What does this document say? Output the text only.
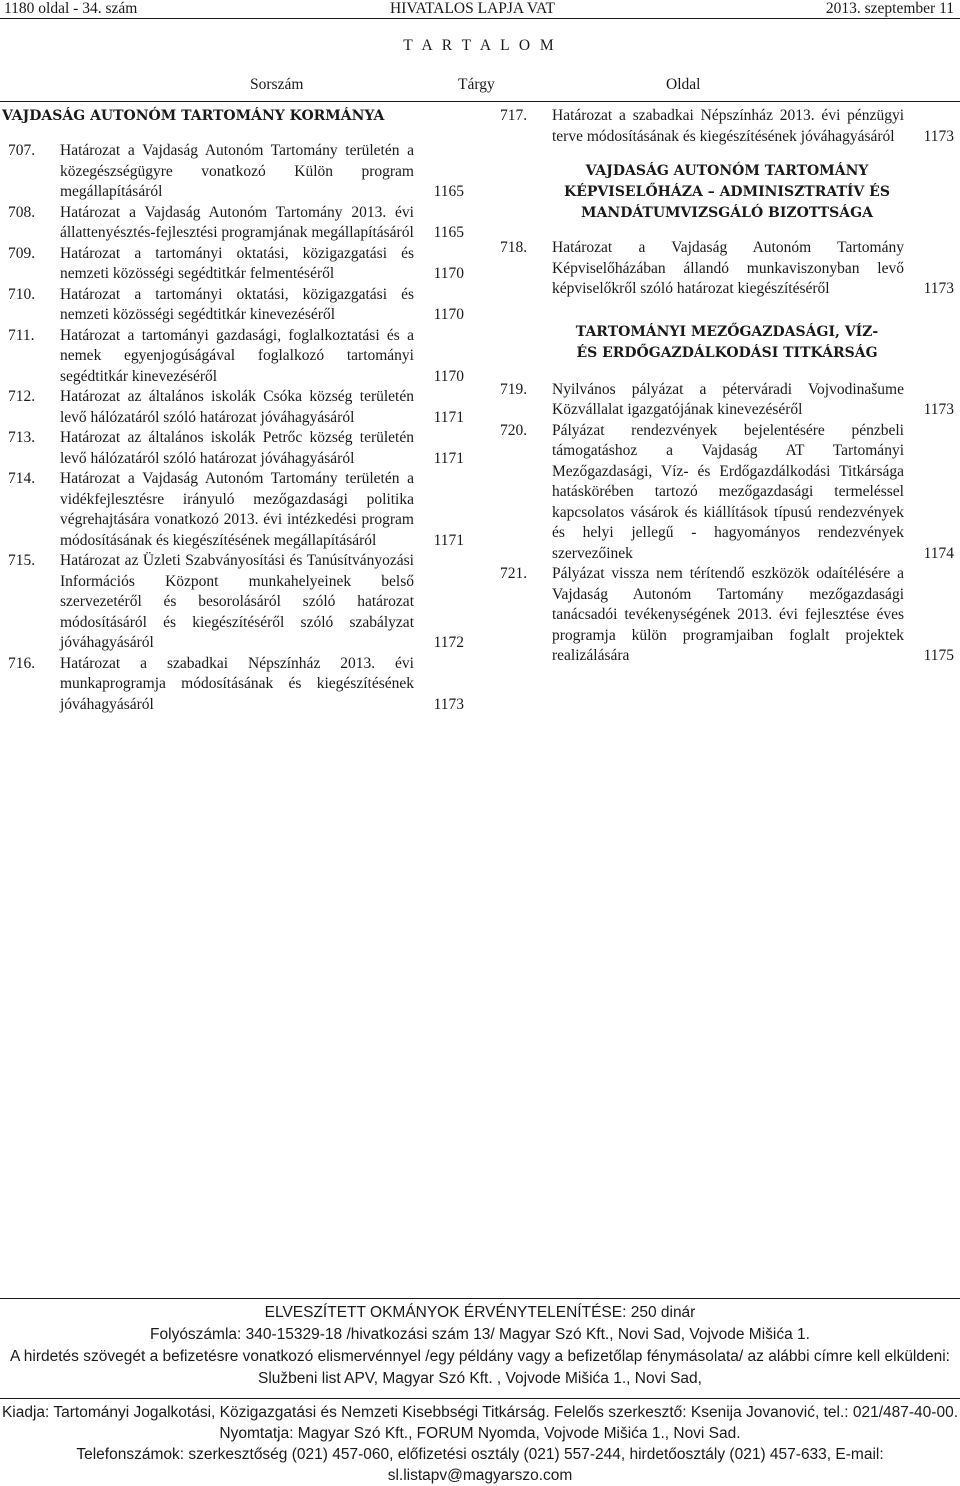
1180 oldal - 34. szám	HIVATALOS LAPJA VAT	2013. szeptember 11
T A R T A L O M
Sorszám	Tárgy	Oldal
VAJDASÁG AUTONÓM TARTOMÁNY KORMÁNYA
707.	Határozat a Vajdaság Autonóm Tartomány területén a közegészségügyre vonatkozó Külön program megállapításáról	1165
708.	Határozat a Vajdaság Autonóm Tartomány 2013. évi állattenyésztés-fejlesztési programjának megállapításáról	1165
709.	Határozat a tartományi oktatási, közigazgatási és nemzeti közösségi segédtitkár felmentéséről	1170
710.	Határozat a tartományi oktatási, közigazgatási és nemzeti közösségi segédtitkár kinevezéséről	1170
711.	Határozat a tartományi gazdasági, foglalkoztatási és a nemek egyenjogúságával foglalkozó tartományi segédtitkár kinevezéséről	1170
712.	Határozat az általános iskolák Csóka község területén levő hálózatáról szóló határozat jóváhagyásáról	1171
713.	Határozat az általános iskolák Petrőc község területén levő hálózatáról szóló határozat jóváhagyásáról	1171
714.	Határozat a Vajdaság Autonóm Tartomány területén a vidékfejlesztésre irányuló mezőgazdasági politika végrehajtására vonatkozó 2013. évi intézkedési program módosításának és kiegészítésének megállapításáról	1171
715.	Határozat az Üzleti Szabványosítási és Tanúsítványozási Információs Központ munkahelyeinek belső szervezetéről és besorolásáról szóló határozat módosításáról és kiegészítéséről szóló szabályzat jóváhagyásáról	1172
716.	Határozat a szabadkai Népszínház 2013. évi munkaprogramja módosításának és kiegészítésének jóváhagyásáról	1173
717.	Határozat a szabadkai Népszínház 2013. évi pénzügyi terve módosításának és kiegészítésének jóváhagyásáról	1173
VAJDASÁG AUTONÓM TARTOMÁNY KÉPVISELŐHÁZA – ADMINISZTRATÍV ÉS MANDÁTUMVIZSGÁLÓ BIZOTTSÁGA
718.	Határozat a Vajdaság Autonóm Tartomány Képviselőházában állandó munkaviszonyban levő képviselőkről szóló határozat kiegészítéséről	1173
TARTOMÁNYI MEZŐGAZDASÁGI, VÍZ- ÉS ERDŐGAZDÁLKODÁSI TITKÁRSÁG
719.	Nyilvános pályázat a péterváradi Vojvodinašume Közvállalat igazgatójának kinevezéséről	1173
720.	Pályázat rendezvények bejelentésére pénzbeli támogatáshoz a Vajdaság AT Tartományi Mezőgazdasági, Víz- és Erdőgazdálkodási Titkársága hatáskörében tartozó mezőgazdasági termeléssel kapcsolatos vásárok és kiállítások típusú rendezvények és helyi jellegű - hagyományos rendezvények szervezőinek	1174
721.	Pályázat vissza nem térítendő eszközök odaítélésére a Vajdaság Autonóm Tartomány mezőgazdasági tanácsadói tevékenységének 2013. évi fejlesztése éves programja külön programjaiban foglalt projektek realizálására	1175
ELVESZÍTETT OKMÁNYOK ÉRVÉNYTELENÍTÉSE: 250 dinár
Folyószámla: 340-15329-18 /hivatkozási szám 13/ Magyar Szó Kft., Novi Sad, Vojvode Mišića 1.
A hirdetés szövegét a befizetésre vonatkozó elismervénnyel /egy példány vagy a befizetőlap fénymásolata/ az alábbi címre kell elküldeni:
Službeni list APV, Magyar Szó Kft. , Vojvode Mišića 1., Novi Sad,
Kiadja: Tartományi Jogalkotási, Közigazgatási és Nemzeti Kisebbségi Titkárság. Felelős szerkesztő: Ksenija Jovanović, tel.: 021/487-40-00.
Nyomtatja: Magyar Szó Kft., FORUM Nyomda, Vojvode Mišića 1., Novi Sad.
Telefonszámok: szerkesztőség (021) 457-060, előfizetési osztály (021) 557-244, hirdetőosztály (021) 457-633, E-mail: sl.listapv@magyarszo.com
